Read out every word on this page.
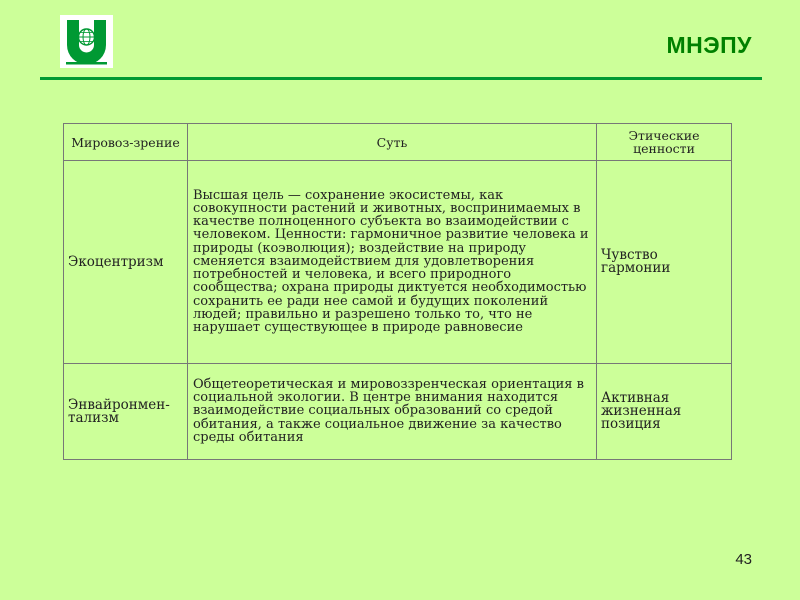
МНЭПУ
Мировоз-зрение	Суть	Этические ценности
Экоцентризм	Высшая цель — сохранение экосистемы, как совокупности растений и животных, воспринимаемых в качестве полноценного субъекта во взаимодействии с человеком. Ценности: гармоничное развитие человека и природы (коэволюция); воздействие на природу сменяется взаимодействием для удовлетворения потребностей и человека, и всего природного сообщества; охрана природы диктуется необходимостью сохранить ее ради нее самой и будущих поколений людей; правильно и разрешено только то, что не нарушает существующее в природе равновесие	Чувство гармонии
Энвайронмен-тализм	Общетеоретическая и мировоззренческая ориентация в социальной экологии. В центре внимания находится взаимодействие социальных образований со средой обитания, а также социальное движение за качество среды обитания	Активная жизненная позиция
43
